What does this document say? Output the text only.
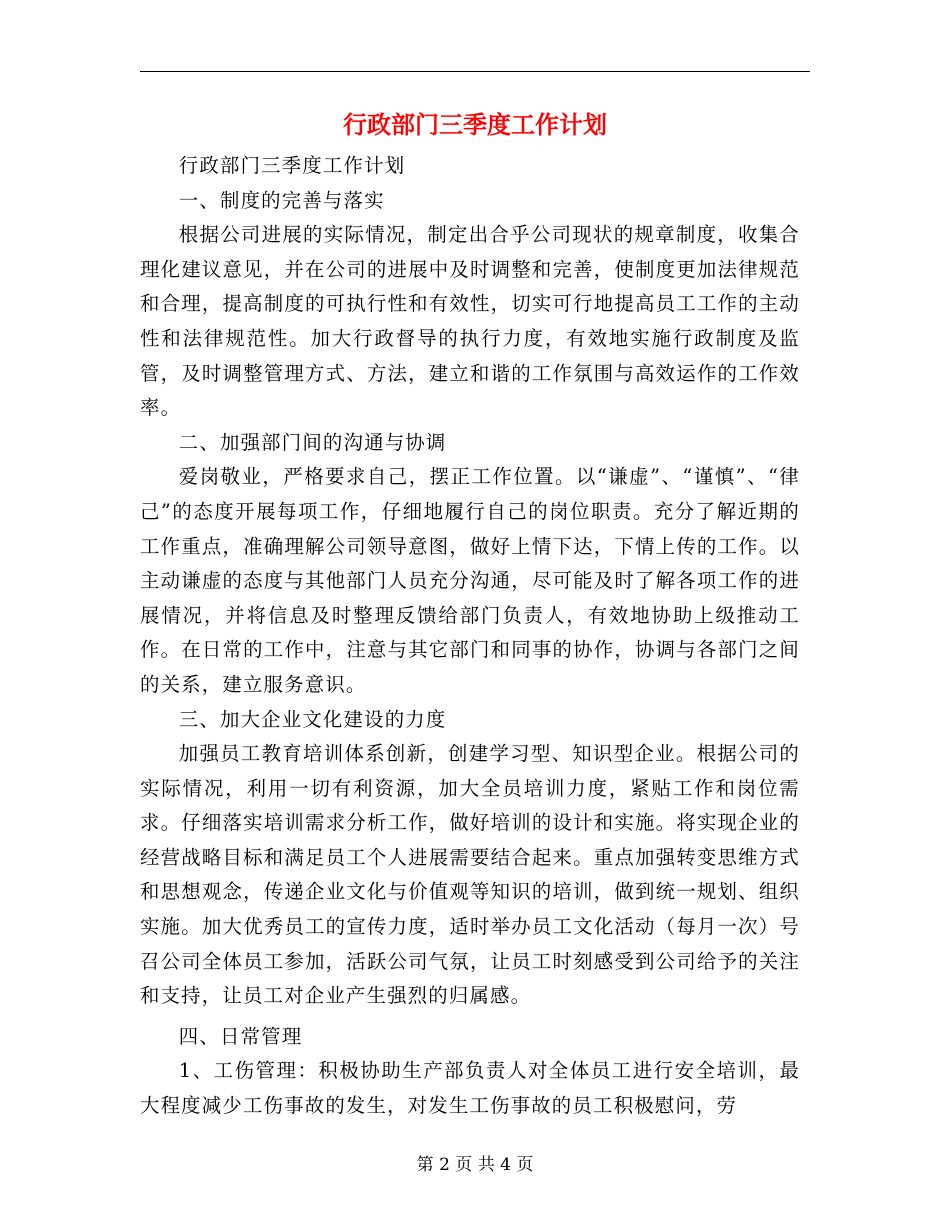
行政部门三季度工作计划

行政部门三季度工作计划

一、制度的完善与落实

根据公司进展的实际情况，制定出合乎公司现状的规章制度，收集合理化建议意见，并在公司的进展中及时调整和完善，使制度更加法律规范和合理，提高制度的可执行性和有效性，切实可行地提高员工工作的主动性和法律规范性。加大行政督导的执行力度，有效地实施行政制度及监管，及时调整管理方式、方法，建立和谐的工作氛围与高效运作的工作效率。

二、加强部门间的沟通与协调

爱岗敬业，严格要求自己，摆正工作位置。以“谦虚”、“谨慎”、“律己”的态度开展每项工作，仔细地履行自己的岗位职责。充分了解近期的工作重点，准确理解公司领导意图，做好上情下达，下情上传的工作。以主动谦虚的态度与其他部门人员充分沟通，尽可能及时了解各项工作的进展情况，并将信息及时整理反馈给部门负责人，有效地协助上级推动工作。在日常的工作中，注意与其它部门和同事的协作，协调与各部门之间的关系，建立服务意识。

三、加大企业文化建设的力度

加强员工教育培训体系创新，创建学习型、知识型企业。根据公司的实际情况，利用一切有利资源，加大全员培训力度，紧贴工作和岗位需求。仔细落实培训需求分析工作，做好培训的设计和实施。将实现企业的经营战略目标和满足员工个人进展需要结合起来。重点加强转变思维方式和思想观念，传递企业文化与价值观等知识的培训，做到统一规划、组织实施。加大优秀员工的宣传力度，适时举办员工文化活动（每月一次）号召公司全体员工参加，活跃公司气氛，让员工时刻感受到公司给予的关注和支持，让员工对企业产生强烈的归属感。

四、日常管理

1、工伤管理：积极协助生产部负责人对全体员工进行安全培训，最大程度减少工伤事故的发生，对发生工伤事故的员工积极慰问，劳

第 2 页 共 4 页
